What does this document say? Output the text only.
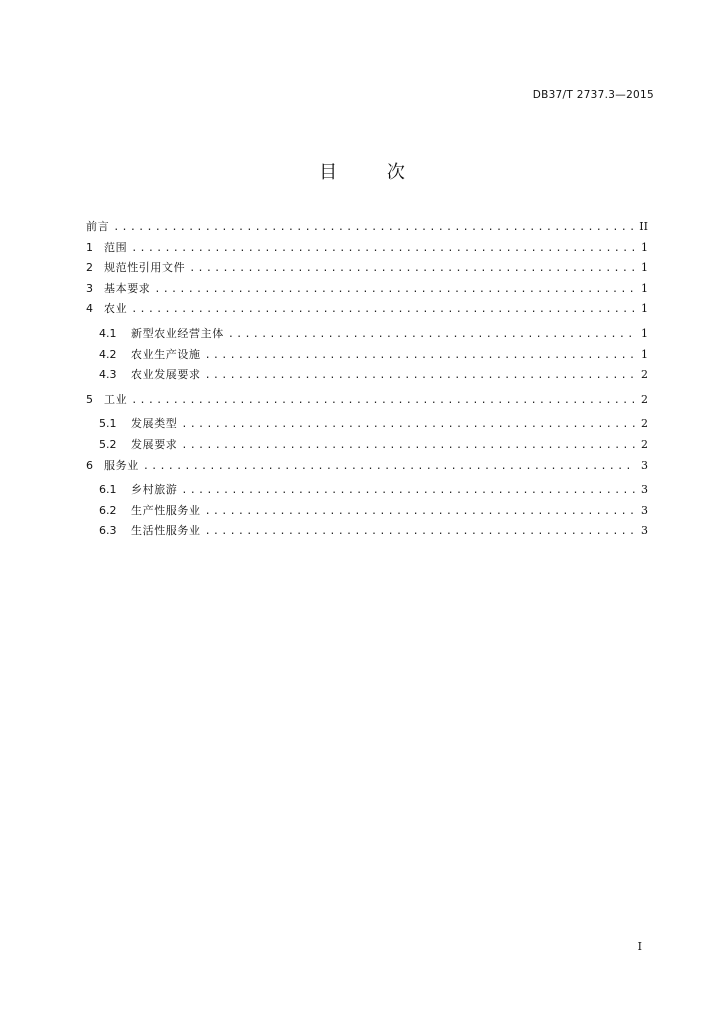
DB37/T 2737.3—2015
目 次
前言 .....	II
1	范围 .....	1
2	规范性引用文件 .....	1
3	基本要求 .....	1
4	农业 .....	1
4.1	新型农业经营主体 .....	1
4.2	农业生产设施 .....	1
4.3	农业发展要求 .....	2
5	工业 .....	2
5.1	发展类型 .....	2
5.2	发展要求 .....	2
6	服务业 .....	3
6.1	乡村旅游 .....	3
6.2	生产性服务业 .....	3
6.3	生活性服务业 .....	3
I
